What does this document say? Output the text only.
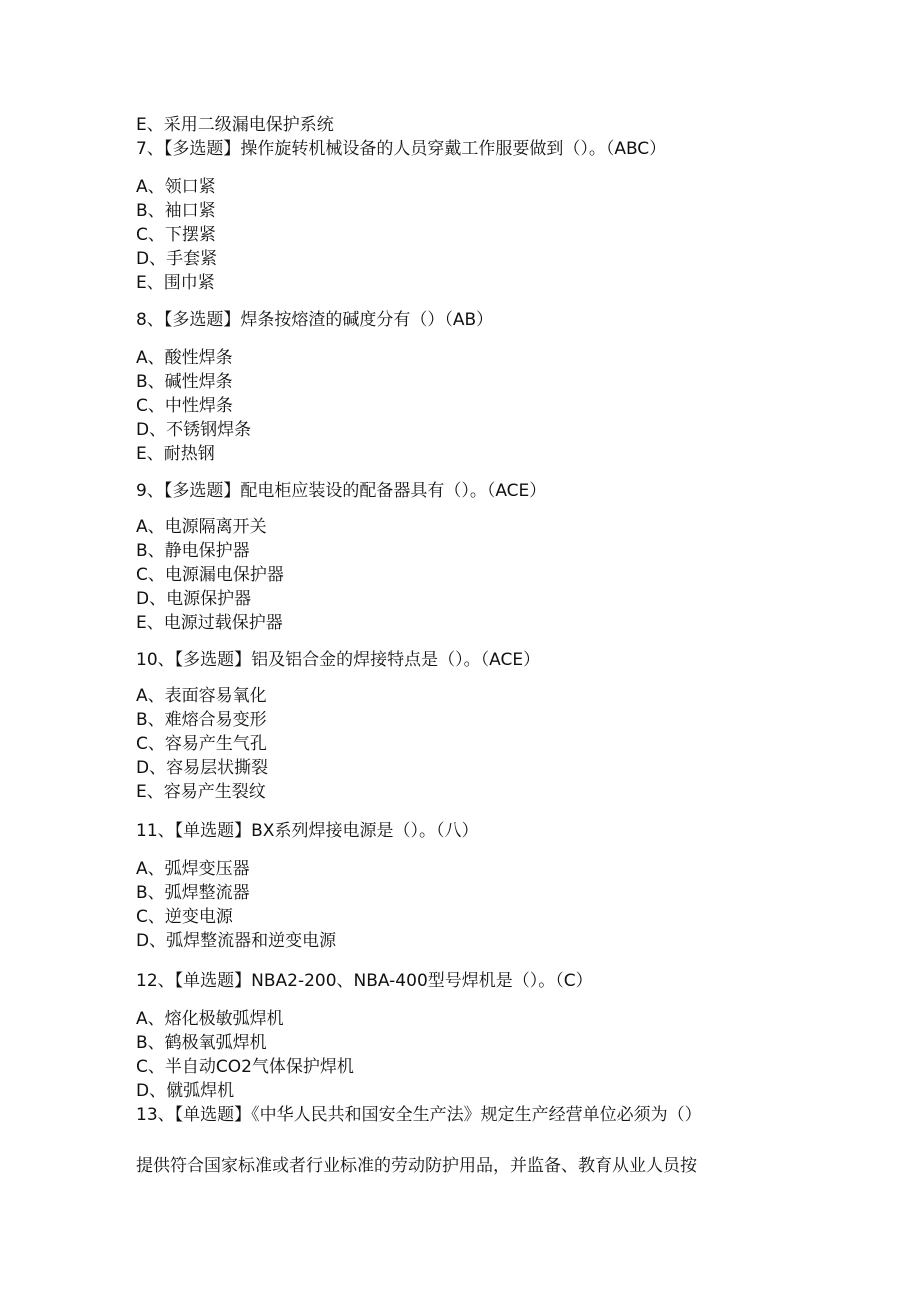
E、采用二级漏电保护系统
7、【多选题】操作旋转机械设备的人员穿戴工作服要做到（）。（ABC）
A、领口紧
B、袖口紧
C、下摆紧
D、手套紧
E、围巾紧
8、【多选题】焊条按熔渣的碱度分有（）（AB）
A、酸性焊条
B、碱性焊条
C、中性焊条
D、不锈钢焊条
E、耐热钢
9、【多选题】配电柜应装设的配备器具有（）。（ACE）
A、电源隔离开关
B、静电保护器
C、电源漏电保护器
D、电源保护器
E、电源过载保护器
10、【多选题】铝及铝合金的焊接特点是（）。（ACE）
A、表面容易氧化
B、难熔合易变形
C、容易产生气孔
D、容易层状撕裂
E、容易产生裂纹
11、【单选题】BX系列焊接电源是（）。（八）
A、弧焊变压器
B、弧焊整流器
C、逆变电源
D、弧焊整流器和逆变电源
12、【单选题】NBA2-200、NBA-400型号焊机是（）。（C）
A、熔化极敏弧焊机
B、鹤极氧弧焊机
C、半自动CO2气体保护焊机
D、僦弧焊机
13、【单选题】《中华人民共和国安全生产法》规定生产经营单位必须为（）
提供符合国家标准或者行业标准的劳动防护用品，并监备、教育从业人员按
